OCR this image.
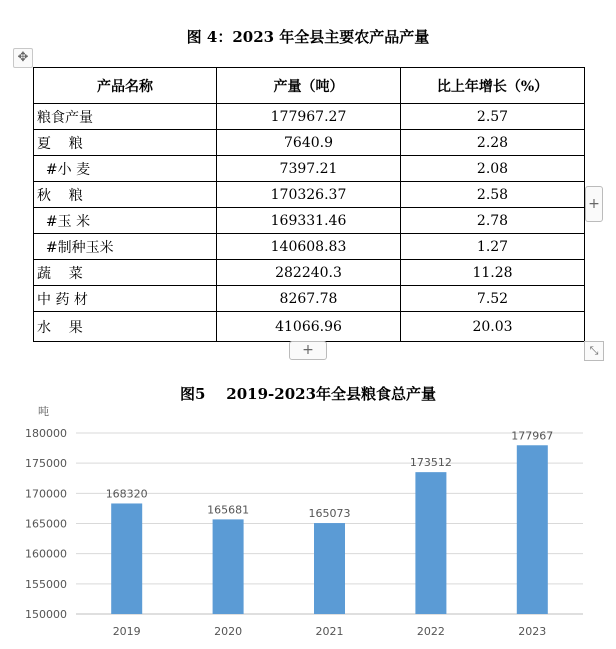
图 4：2023 年全县主要农产品产量
✥
产品名称	产量（吨）	比上年增长（%）
粮食产量	177967.27	2.57
夏    粮	7640.9	2.28
#小 麦	7397.21	2.08
秋    粮	170326.37	2.58
#玉 米	169331.46	2.78
#制种玉米	140608.83	1.27
蔬    菜	282240.3	11.28
中 药 材	8267.78	7.52
水    果	41066.96	20.03
+
+	⤡
图5    2019-2023年全县粮食总产量
吨
150000
155000
160000
165000
170000
175000
180000
168320
165681	165073
173512
177967
2019	2020	2021	2022	2023
